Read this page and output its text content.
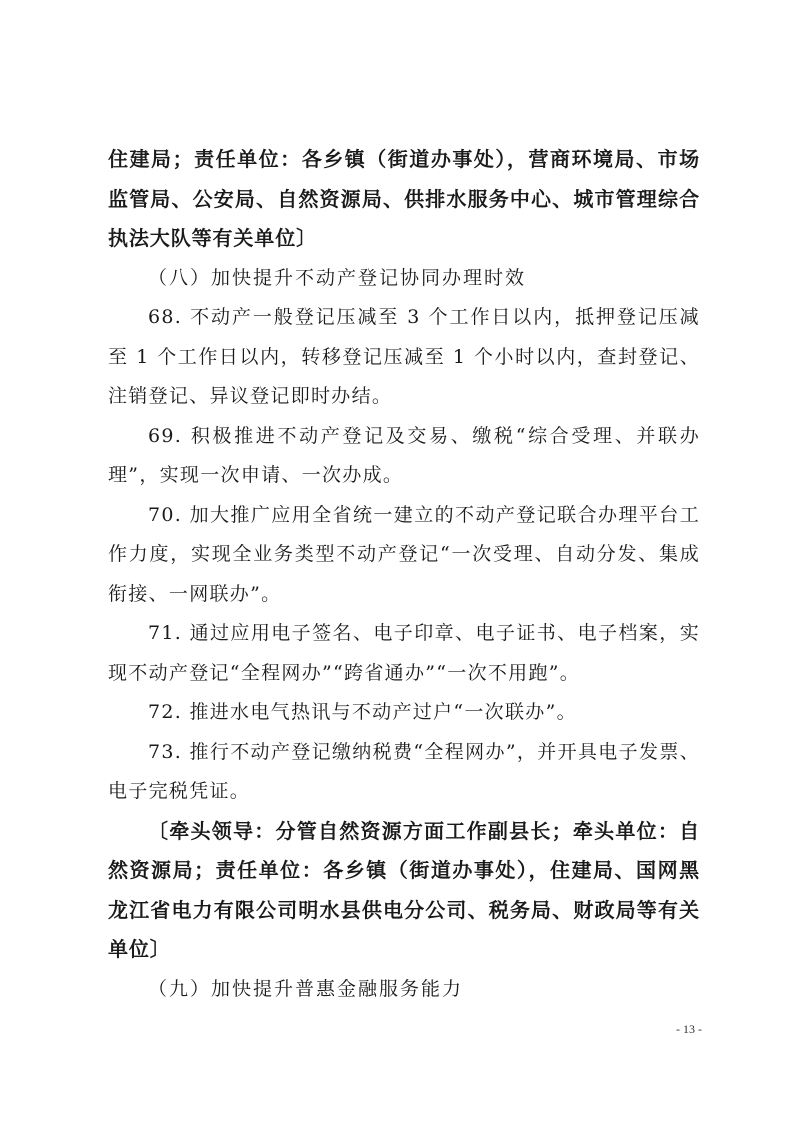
住建局；责任单位：各乡镇（街道办事处），营商环境局、市场监管局、公安局、自然资源局、供排水服务中心、城市管理综合执法大队等有关单位〕

（八）加快提升不动产登记协同办理时效

68. 不动产一般登记压减至 3 个工作日以内，抵押登记压减至 1 个工作日以内，转移登记压减至 1 个小时以内，查封登记、注销登记、异议登记即时办结。

69. 积极推进不动产登记及交易、缴税“综合受理、并联办理”，实现一次申请、一次办成。

70. 加大推广应用全省统一建立的不动产登记联合办理平台工作力度，实现全业务类型不动产登记“一次受理、自动分发、集成衔接、一网联办”。

71. 通过应用电子签名、电子印章、电子证书、电子档案，实现不动产登记“全程网办”“跨省通办”“一次不用跑”。

72. 推进水电气热讯与不动产过户“一次联办”。

73. 推行不动产登记缴纳税费“全程网办”，并开具电子发票、电子完税凭证。

〔牵头领导：分管自然资源方面工作副县长；牵头单位：自然资源局；责任单位：各乡镇（街道办事处），住建局、国网黑龙江省电力有限公司明水县供电分公司、税务局、财政局等有关单位〕

（九）加快提升普惠金融服务能力

- 13 -
